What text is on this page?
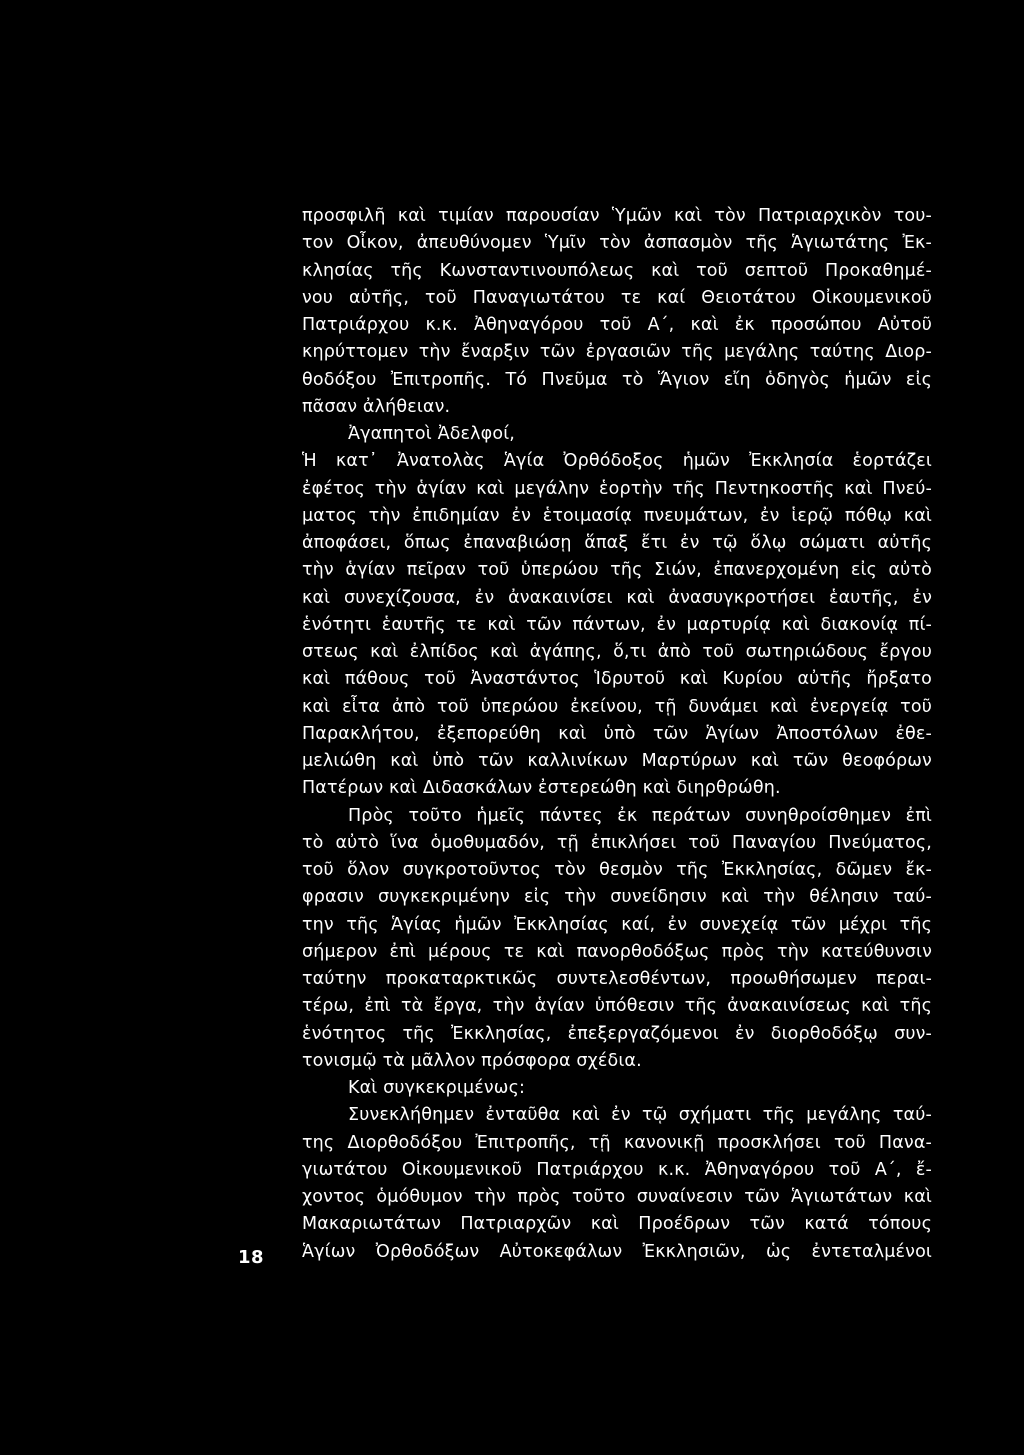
προσφιλῆ καὶ τιμίαν παρουσίαν Ὑμῶν καὶ τὸν Πατριαρχικὸν του-
τον Οἶκον, ἀπευθύνομεν Ὑμῖν τὸν ἀσπασμὸν τῆς Ἁγιωτάτης Ἐκ-
κλησίας τῆς Κωνσταντινουπόλεως καὶ τοῦ σεπτοῦ Προκαθημέ-
νου αὐτῆς, τοῦ Παναγιωτάτου τε καί Θειοτάτου Οἰκουμενικοῦ
Πατριάρχου κ.κ. Ἀθηναγόρου τοῦ Α΄, καὶ ἐκ προσώπου Αὐτοῦ
κηρύττομεν τὴν ἔναρξιν τῶν ἐργασιῶν τῆς μεγάλης ταύτης Διορ-
θοδόξου Ἐπιτροπῆς. Τό Πνεῦμα τὸ Ἅγιον εἴη ὁδηγὸς ἡμῶν εἰς
πᾶσαν ἀλήθειαν.
Ἀγαπητοὶ Ἀδελφοί,
Ἡ κατ᾿ Ἀνατολὰς Ἁγία Ὀρθόδοξος ἡμῶν Ἐκκλησία ἑορτάζει
ἐφέτος τὴν ἁγίαν καὶ μεγάλην ἑορτὴν τῆς Πεντηκοστῆς καὶ Πνεύ-
ματος τὴν ἐπιδημίαν ἐν ἑτοιμασίᾳ πνευμάτων, ἐν ἱερῷ πόθῳ καὶ
ἀποφάσει, ὅπως ἐπαναβιώσῃ ἅπαξ ἔτι ἐν τῷ ὅλῳ σώματι αὐτῆς
τὴν ἁγίαν πεῖραν τοῦ ὑπερώου τῆς Σιών, ἐπανερχομένη εἰς αὐτὸ
καὶ συνεχίζουσα, ἐν ἀνακαινίσει καὶ ἀνασυγκροτήσει ἑαυτῆς, ἐν
ἑνότητι ἑαυτῆς τε καὶ τῶν πάντων, ἐν μαρτυρίᾳ καὶ διακονίᾳ πί-
στεως καὶ ἐλπίδος καὶ ἀγάπης, ὅ,τι ἀπὸ τοῦ σωτηριώδους ἔργου
καὶ πάθους τοῦ Ἀναστάντος Ἱδρυτοῦ καὶ Κυρίου αὐτῆς ἤρξατο
καὶ εἶτα ἀπὸ τοῦ ὑπερώου ἐκείνου, τῇ δυνάμει καὶ ἐνεργείᾳ τοῦ
Παρακλήτου, ἐξεπορεύθη καὶ ὑπὸ τῶν Ἁγίων Ἀποστόλων ἐθε-
μελιώθη καὶ ὑπὸ τῶν καλλινίκων Μαρτύρων καὶ τῶν θεοφόρων
Πατέρων καὶ Διδασκάλων ἐστερεώθη καὶ διηρθρώθη.
Πρὸς τοῦτο ἡμεῖς πάντες ἐκ περάτων συνηθροίσθημεν ἐπὶ
τὸ αὐτὸ ἵνα ὁμοθυμαδόν, τῇ ἐπικλήσει τοῦ Παναγίου Πνεύματος,
τοῦ ὅλον συγκροτοῦντος τὸν θεσμὸν τῆς Ἐκκλησίας, δῶμεν ἔκ-
φρασιν συγκεκριμένην εἰς τὴν συνείδησιν καὶ τὴν θέλησιν ταύ-
την τῆς Ἁγίας ἡμῶν Ἐκκλησίας καί, ἐν συνεχείᾳ τῶν μέχρι τῆς
σήμερον ἐπὶ μέρους τε καὶ πανορθοδόξως πρὸς τὴν κατεύθυνσιν
ταύτην προκαταρκτικῶς συντελεσθέντων, προωθήσωμεν περαι-
τέρω, ἐπὶ τὰ ἔργα, τὴν ἁγίαν ὑπόθεσιν τῆς ἀνακαινίσεως καὶ τῆς
ἑνότητος τῆς Ἐκκλησίας, ἐπεξεργαζόμενοι ἐν διορθοδόξῳ συν-
τονισμῷ τὰ μᾶλλον πρόσφορα σχέδια.
Καὶ συγκεκριμένως:
Συνεκλήθημεν ἐνταῦθα καὶ ἐν τῷ σχήματι τῆς μεγάλης ταύ-
της Διορθοδόξου Ἐπιτροπῆς, τῇ κανονικῇ προσκλήσει τοῦ Πανα-
γιωτάτου Οἰκουμενικοῦ Πατριάρχου κ.κ. Ἀθηναγόρου τοῦ Α΄, ἔ-
χοντος ὁμόθυμον τὴν πρὸς τοῦτο συναίνεσιν τῶν Ἁγιωτάτων καὶ
Μακαριωτάτων Πατριαρχῶν καὶ Προέδρων τῶν κατά τόπους
Ἁγίων Ὀρθοδόξων Αὐτοκεφάλων Ἐκκλησιῶν, ὡς ἐντεταλμένοι
18
